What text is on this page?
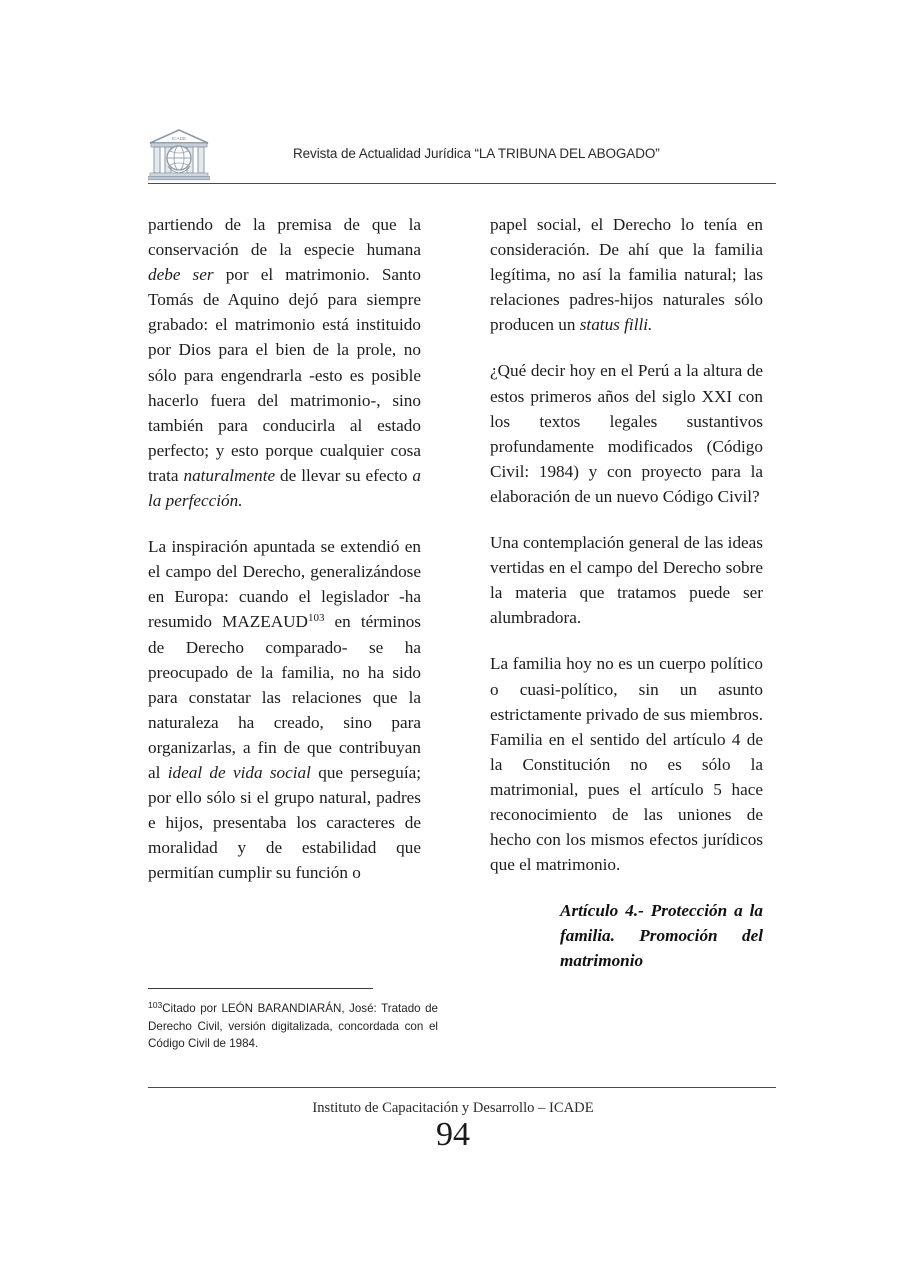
ICADE
Revista de Actualidad Jurídica “LA TRIBUNA DEL ABOGADO”

partiendo de la premisa de que la conservación de la especie humana debe ser por el matrimonio. Santo Tomás de Aquino dejó para siempre grabado: el matrimonio está instituido por Dios para el bien de la prole, no sólo para engendrarla -esto es posible hacerlo fuera del matrimonio-, sino también para conducirla al estado perfecto; y esto porque cualquier cosa trata naturalmente de llevar su efecto a la perfección.

La inspiración apuntada se extendió en el campo del Derecho, generalizándose en Europa: cuando el legislador -ha resumido MAZEAUD$^{103}$ en términos de Derecho comparado- se ha preocupado de la familia, no ha sido para constatar las relaciones que la naturaleza ha creado, sino para organizarlas, a fin de que contribuyan al ideal de vida social que perseguía; por ello sólo si el grupo natural, padres e hijos, presentaba los caracteres de moralidad y de estabilidad que permitían cumplir su función o

papel social, el Derecho lo tenía en consideración. De ahí que la familia legítima, no así la familia natural; las relaciones padres-hijos naturales sólo producen un status filli.

¿Qué decir hoy en el Perú a la altura de estos primeros años del siglo XXI con los textos legales sustantivos profundamente modificados (Código Civil: 1984) y con proyecto para la elaboración de un nuevo Código Civil?

Una contemplación general de las ideas vertidas en el campo del Derecho sobre la materia que tratamos puede ser alumbradora.

La familia hoy no es un cuerpo político o cuasi-político, sin un asunto estrictamente privado de sus miembros. Familia en el sentido del artículo 4 de la Constitución no es sólo la matrimonial, pues el artículo 5 hace reconocimiento de las uniones de hecho con los mismos efectos jurídicos que el matrimonio.

Artículo 4.- Protección a la familia. Promoción del matrimonio

$^{103}$Citado por LEÓN BARANDIARÁN, José: Tratado de Derecho Civil, versión digitalizada, concordada con el Código Civil de 1984.
Instituto de Capacitación y Desarrollo – ICADE
94
